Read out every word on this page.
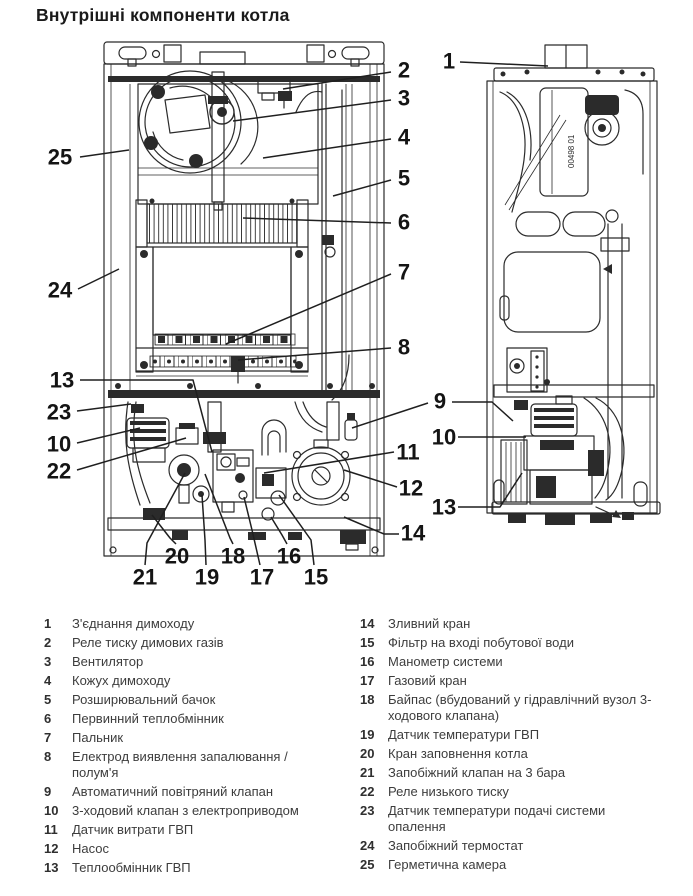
Внутрішні компоненти котла
00498 01
1
2
3
4
5
6
7
8
9
10
11
12
13
14
15
16
17
18
19
20
21
22
23
24
25
13
10
1	З'єднання димоходу
2	Реле тиску димових газів
3	Вентилятор
4	Кожух димоходу
5	Розширювальний бачок
6	Первинний теплобмінник
7	Пальник
8	Електрод виявлення запалювання / полум'я
9	Автоматичний повітряний клапан
10	3-ходовий клапан з електроприводом
11	Датчик витрати ГВП
12	Насос
13	Теплообмінник ГВП
14	Зливний кран
15	Фільтр на вході побутової води
16	Манометр системи
17	Газовий кран
18	Байпас (вбудований у гідравлічний вузол 3-ходового клапана)
19	Датчик температури ГВП
20	Кран заповнення котла
21	Запобіжний клапан на 3 бара
22	Реле низького тиску
23	Датчик температури подачі системи опалення
24	Запобіжний термостат
25	Герметична камера
